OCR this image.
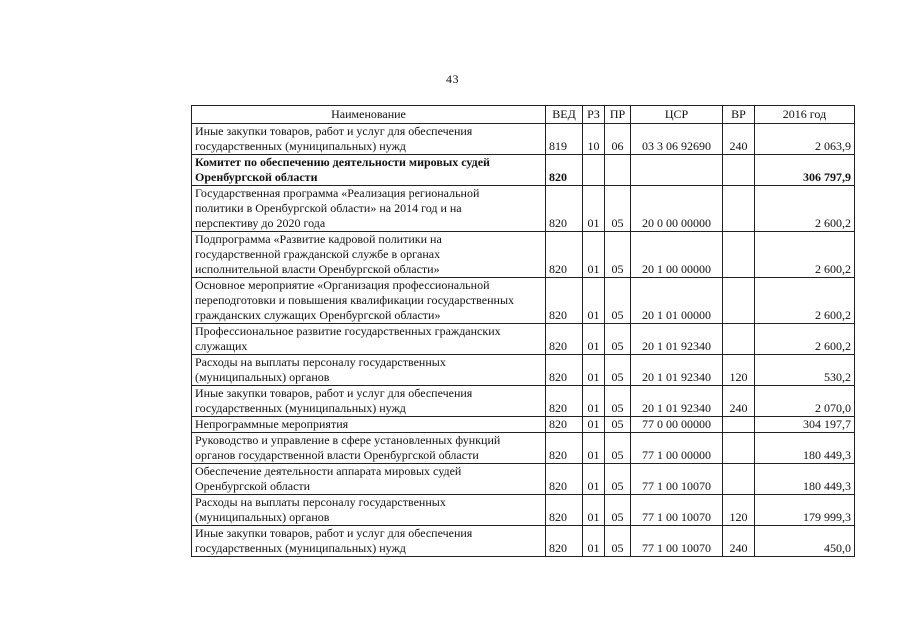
43
Наименование	ВЕД	РЗ	ПР	ЦСР	ВР	2016 год

Иные закупки товаров, работ и услуг для обеспечения
государственных (муниципальных) нужд	819	10	06	03 3 06 92690	240	2 063,9

Комитет по обеспечению деятельности мировых судей
Оренбургской области	820					306 797,9

Государственная программа «Реализация региональной
политики в Оренбургской области» на 2014 год и на
перспективу до 2020 года	820	01	05	20 0 00 00000		2 600,2

Подпрограмма «Развитие кадровой политики на
государственной гражданской службе в органах
исполнительной власти Оренбургской области»	820	01	05	20 1 00 00000		2 600,2

Основное мероприятие «Организация профессиональной
переподготовки и повышения квалификации государственных
гражданских служащих Оренбургской области»	820	01	05	20 1 01 00000		2 600,2

Профессиональное развитие государственных гражданских
служащих	820	01	05	20 1 01 92340		2 600,2

Расходы на выплаты персоналу государственных
(муниципальных) органов	820	01	05	20 1 01 92340	120	530,2

Иные закупки товаров, работ и услуг для обеспечения
государственных (муниципальных) нужд	820	01	05	20 1 01 92340	240	2 070,0

Непрограммные мероприятия	820	01	05	77 0 00 00000		304 197,7

Руководство и управление в сфере установленных функций
органов государственной власти Оренбургской области	820	01	05	77 1 00 00000		180 449,3

Обеспечение деятельности аппарата мировых судей
Оренбургской области	820	01	05	77 1 00 10070		180 449,3

Расходы на выплаты персоналу государственных
(муниципальных) органов	820	01	05	77 1 00 10070	120	179 999,3

Иные закупки товаров, работ и услуг для обеспечения
государственных (муниципальных) нужд	820	01	05	77 1 00 10070	240	450,0
